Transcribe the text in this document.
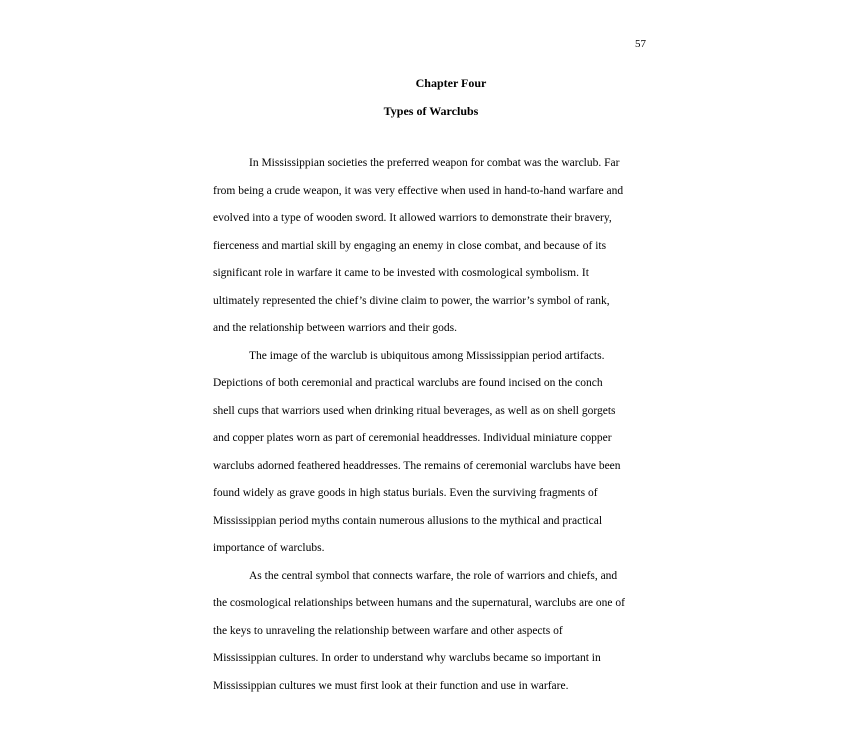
57
Chapter Four
Types of Warclubs
In Mississippian societies the preferred weapon for combat was the warclub. Far
from being a crude weapon, it was very effective when used in hand-to-hand warfare and
evolved into a type of wooden sword. It allowed warriors to demonstrate their bravery,
fierceness and martial skill by engaging an enemy in close combat, and because of its
significant role in warfare it came to be invested with cosmological symbolism. It
ultimately represented the chief’s divine claim to power, the warrior’s symbol of rank,
and the relationship between warriors and their gods.
The image of the warclub is ubiquitous among Mississippian period artifacts.
Depictions of both ceremonial and practical warclubs are found incised on the conch
shell cups that warriors used when drinking ritual beverages, as well as on shell gorgets
and copper plates worn as part of ceremonial headdresses. Individual miniature copper
warclubs adorned feathered headdresses. The remains of ceremonial warclubs have been
found widely as grave goods in high status burials. Even the surviving fragments of
Mississippian period myths contain numerous allusions to the mythical and practical
importance of warclubs.
As the central symbol that connects warfare, the role of warriors and chiefs, and
the cosmological relationships between humans and the supernatural, warclubs are one of
the keys to unraveling the relationship between warfare and other aspects of
Mississippian cultures. In order to understand why warclubs became so important in
Mississippian cultures we must first look at their function and use in warfare.
